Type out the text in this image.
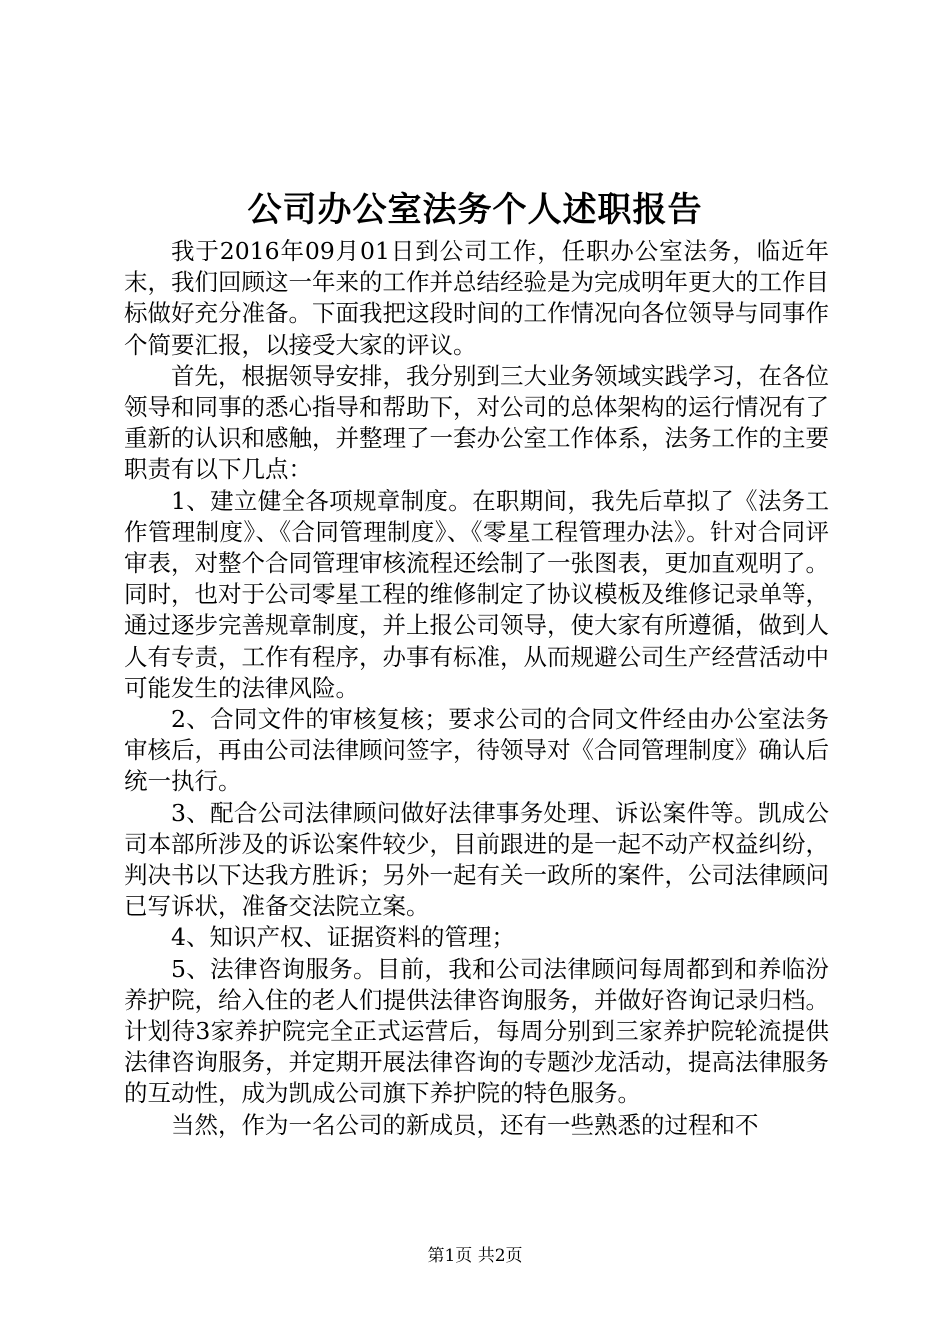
公司办公室法务个人述职报告

我于2016年09月01日到公司工作，任职办公室法务，临近年末，我们回顾这一年来的工作并总结经验是为完成明年更大的工作目标做好充分准备。下面我把这段时间的工作情况向各位领导与同事作个简要汇报，以接受大家的评议。

首先，根据领导安排，我分别到三大业务领域实践学习，在各位领导和同事的悉心指导和帮助下，对公司的总体架构的运行情况有了重新的认识和感触，并整理了一套办公室工作体系，法务工作的主要职责有以下几点：

1、建立健全各项规章制度。在职期间，我先后草拟了《法务工作管理制度》、《合同管理制度》、《零星工程管理办法》。针对合同评审表，对整个合同管理审核流程还绘制了一张图表，更加直观明了。同时，也对于公司零星工程的维修制定了协议模板及维修记录单等，通过逐步完善规章制度，并上报公司领导，使大家有所遵循，做到人人有专责，工作有程序，办事有标准，从而规避公司生产经营活动中可能发生的法律风险。

2、合同文件的审核复核；要求公司的合同文件经由办公室法务审核后，再由公司法律顾问签字，待领导对《合同管理制度》确认后统一执行。

3、配合公司法律顾问做好法律事务处理、诉讼案件等。凯成公司本部所涉及的诉讼案件较少，目前跟进的是一起不动产权益纠纷，判决书以下达我方胜诉；另外一起有关一政所的案件，公司法律顾问已写诉状，准备交法院立案。

4、知识产权、证据资料的管理；

5、法律咨询服务。目前，我和公司法律顾问每周都到和养临汾养护院，给入住的老人们提供法律咨询服务，并做好咨询记录归档。计划待3家养护院完全正式运营后，每周分别到三家养护院轮流提供法律咨询服务，并定期开展法律咨询的专题沙龙活动，提高法律服务的互动性，成为凯成公司旗下养护院的特色服务。

当然，作为一名公司的新成员，还有一些熟悉的过程和不

第1页 共2页
